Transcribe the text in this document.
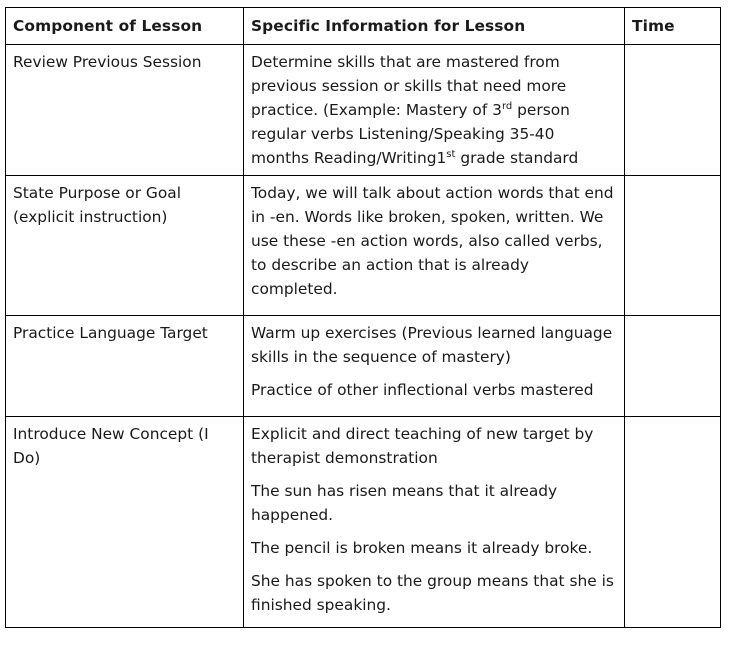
Component of Lesson	Specific Information for Lesson	Time
Review Previous Session	Determine skills that are mastered from previous session or skills that need more practice. (Example: Mastery of 3rd person regular verbs Listening/Speaking 35-40 months Reading/Writing1st grade standard	
State Purpose or Goal (explicit instruction)	Today, we will talk about action words that end in -en. Words like broken, spoken, written. We use these -en action words, also called verbs, to describe an action that is already completed.	
Practice Language Target	Warm up exercises (Previous learned language skills in the sequence of mastery)

Practice of other inflectional verbs mastered	

Introduce New Concept (I Do)	Explicit and direct teaching of new target by therapist demonstration

The sun has risen means that it already happened.

The pencil is broken means it already broke.

She has spoken to the group means that she is finished speaking.	
